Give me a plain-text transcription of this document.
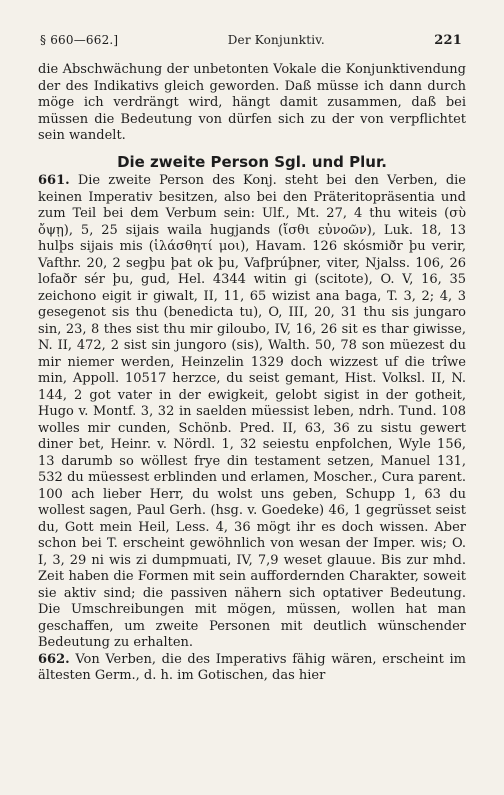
§ 660—662.]	Der Konjunktiv.	221

die Abschwächung der unbetonten Vokale die Konjunktivendung der des Indikativs gleich geworden. Daß müsse ich dann durch möge ich verdrängt wird, hängt damit zusammen, daß bei müssen die Bedeutung von dürfen sich zu der von verpflichtet sein wandelt.

Die zweite Person Sgl. und Plur.

661. Die zweite Person des Konj. steht bei den Verben, die keinen Imperativ besitzen, also bei den Präteritopräsentia und zum Teil bei dem Verbum sein: Ulf., Mt. 27, 4 thu witeis (σὺ ὄψῃ), 5, 25 sijais waila hugjands (ἴσθι εὐνοῶν), Luk. 18, 13 hulþs sijais mis (ἱλάσθητί μοι), Havam. 126 skósmiðr þu verir, Vafthr. 20, 2 segþu þat ok þu, Vafþrúþner, viter, Njalss. 106, 26 lofaðr sér þu, gud, Hel. 4344 witin gi (scitote), O. V, 16, 35 zeichono eigit ir giwalt, II, 11, 65 wizist ana baga, T. 3, 2; 4, 3 gesegenot sis thu (benedicta tu), O, III, 20, 31 thu sis jungaro sin, 23, 8 thes sist thu mir giloubo, IV, 16, 26 sit es thar giwisse, N. II, 472, 2 sist sin jungoro (sis), Walth. 50, 78 son müezest du mir niemer werden, Heinzelin 1329 doch wizzest uf die trîwe min, Appoll. 10517 herzce, du seist gemant, Hist. Volksl. II, N. 144, 2 got vater in der ewigkeit, gelobt sigist in der gotheit, Hugo v. Montf. 3, 32 in saelden müessist leben, ndrh. Tund. 108 wolles mir cunden, Schönb. Pred. II, 63, 36 zu sistu gewert diner bet, Heinr. v. Nördl. 1, 32 seiestu enpfolchen, Wyle 156, 13 darumb so wöllest frye din testament setzen, Manuel 131, 532 du müessest erblinden und erlamen, Moscher., Cura parent. 100 ach lieber Herr, du wolst uns geben, Schupp 1, 63 du wollest sagen, Paul Gerh. (hsg. v. Goedeke) 46, 1 gegrüsset seist du, Gott mein Heil, Less. 4, 36 mögt ihr es doch wissen. Aber schon bei T. erscheint gewöhnlich von wesan der Imper. wis; O. I, 3, 29 ni wis zi dumpmuati, IV, 7,9 weset glauue. Bis zur mhd. Zeit haben die Formen mit sein auffordernden Charakter, soweit sie aktiv sind; die passiven nähern sich optativer Bedeutung. Die Umschreibungen mit mögen, müssen, wollen hat man geschaffen, um zweite Personen mit deutlich wünschender Bedeutung zu erhalten.

662. Von Verben, die des Imperativs fähig wären, erscheint im ältesten Germ., d. h. im Gotischen, das hier
